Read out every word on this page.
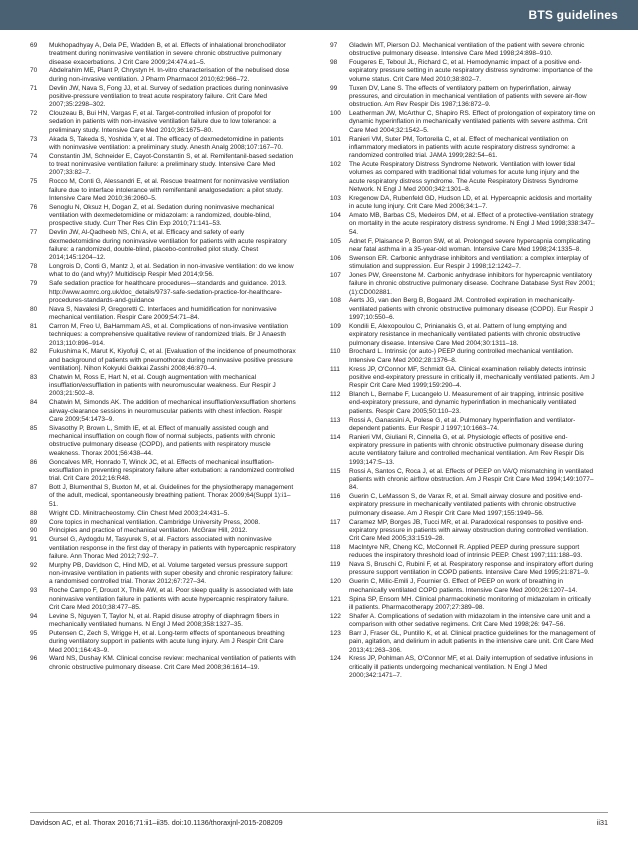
BTS guidelines
69	Mukhopadhyay A, Dela PE, Wadden B, et al. Effects of inhalational bronchodilator treatment during noninvasive ventilation in severe chronic obstructive pulmonary disease exacerbations. J Crit Care 2009;24:474.e1–5.
70	Abdelrahim ME, Plant P, Chrystyn H. In-vitro characterisation of the nebulised dose during non-invasive ventilation. J Pharm Pharmacol 2010;62:966–72.
71	Devlin JW, Nava S, Fong JJ, et al. Survey of sedation practices during noninvasive positive-pressure ventilation to treat acute respiratory failure. Crit Care Med 2007;35:2298–302.
72	Clouzeau B, Bui HN, Vargas F, et al. Target-controlled infusion of propofol for sedation in patients with non-invasive ventilation failure due to low tolerance: a preliminary study. Intensive Care Med 2010;36:1675–80.
73	Akada S, Takeda S, Yoshida Y, et al. The efficacy of dexmedetomidine in patients with noninvasive ventilation: a preliminary study. Anesth Analg 2008;107:167–70.
74	Constantin JM, Schneider E, Cayot-Constantin S, et al. Remifentanil-based sedation to treat noninvasive ventilation failure: a preliminary study. Intensive Care Med 2007;33:82–7.
75	Rocco M, Conti G, Alessandri E, et al. Rescue treatment for noninvasive ventilation failure due to interface intolerance with remifentanil analgosedation: a pilot study. Intensive Care Med 2010;36:2060–5.
76	Senoglu N, Oksuz H, Dogan Z, et al. Sedation during noninvasive mechanical ventilation with dexmedetomidine or midazolam: a randomized, double-blind, prospective study. Curr Ther Res Clin Exp 2010;71:141–53.
77	Devlin JW, Al-Qadheeb NS, Chi A, et al. Efficacy and safety of early dexmedetomidine during noninvasive ventilation for patients with acute respiratory failure: a randomized, double-blind, placebo-controlled pilot study. Chest 2014;145:1204–12.
78	Longrois D, Conti G, Mantz J, et al. Sedation in non-invasive ventilation: do we know what to do (and why)? Multidiscip Respir Med 2014;9:56.
79	Safe sedation practice for healthcare procedures—standards and guidance. 2013. http://www.aomrc.org.uk/doc_details/9737-safe-sedation-practice-for-healthcare-procedures-standards-and-guidance
80	Nava S, Navalesi P, Gregoretti C. Interfaces and humidification for noninvasive mechanical ventilation. Respir Care 2009;54:71–84.
81	Carron M, Freo U, BaHammam AS, et al. Complications of non-invasive ventilation techniques: a comprehensive qualitative review of randomized trials. Br J Anaesth 2013;110:896–914.
82	Fukushima K, Marut K, Kiyofuji C, et al. [Evaluation of the incidence of pneumothorax and background of patients with pneumothorax during noninvasive positive pressure ventilation]. Nihon Kokyuki Gakkai Zasshi 2008;46:870–4.
83	Chatwin M, Ross E, Hart N, et al. Cough augmentation with mechanical insufflation/exsufflation in patients with neuromuscular weakness. Eur Respir J 2003;21:502–8.
84	Chatwin M, Simonds AK. The addition of mechanical insufflation/exsufflation shortens airway-clearance sessions in neuromuscular patients with chest infection. Respir Care 2009;54:1473–9.
85	Sivasothy P, Brown L, Smith IE, et al. Effect of manually assisted cough and mechanical insufflation on cough flow of normal subjects, patients with chronic obstructive pulmonary disease (COPD), and patients with respiratory muscle weakness. Thorax 2001;56:438–44.
86	Goncalves MR, Honrado T, Winck JC, et al. Effects of mechanical insufflation-exsufflation in preventing respiratory failure after extubation: a randomized controlled trial. Crit Care 2012;16:R48.
87	Bott J, Blumenthal S, Buxton M, et al. Guidelines for the physiotherapy management of the adult, medical, spontaneously breathing patient. Thorax 2009;64(Suppl 1):i1–51.
88	Wright CD. Minitracheostomy. Clin Chest Med 2003;24:431–5.
89	Core topics in mechanical ventilation. Cambridge University Press, 2008.
90	Principles and practice of mechanical ventilation. McGraw Hill, 2012.
91	Gursel G, Aydogdu M, Tasyurek S, et al. Factors associated with noninvasive ventilation response in the first day of therapy in patients with hypercapnic respiratory failure. Ann Thorac Med 2012;7:92–7.
92	Murphy PB, Davidson C, Hind MD, et al. Volume targeted versus pressure support non-invasive ventilation in patients with super obesity and chronic respiratory failure: a randomised controlled trial. Thorax 2012;67:727–34.
93	Roche Campo F, Drouot X, Thille AW, et al. Poor sleep quality is associated with late noninvasive ventilation failure in patients with acute hypercapnic respiratory failure. Crit Care Med 2010;38:477–85.
94	Levine S, Nguyen T, Taylor N, et al. Rapid disuse atrophy of diaphragm fibers in mechanically ventilated humans. N Engl J Med 2008;358:1327–35.
95	Putensen C, Zech S, Wrigge H, et al. Long-term effects of spontaneous breathing during ventilatory support in patients with acute lung injury. Am J Respir Crit Care Med 2001;164:43–9.
96	Ward NS, Dushay KM. Clinical concise review: mechanical ventilation of patients with chronic obstructive pulmonary disease. Crit Care Med 2008;36:1614–19.
97	Gladwin MT, Pierson DJ. Mechanical ventilation of the patient with severe chronic obstructive pulmonary disease. Intensive Care Med 1998;24:898–910.
98	Fougeres E, Teboul JL, Richard C, et al. Hemodynamic impact of a positive end-expiratory pressure setting in acute respiratory distress syndrome: importance of the volume status. Crit Care Med 2010;38:802–7.
99	Tuxen DV, Lane S. The effects of ventilatory pattern on hyperinflation, airway pressures, and circulation in mechanical ventilation of patients with severe air-flow obstruction. Am Rev Respir Dis 1987;136:872–9.
100	Leatherman JW, McArthur C, Shapiro RS. Effect of prolongation of expiratory time on dynamic hyperinflation in mechanically ventilated patients with severe asthma. Crit Care Med 2004;32:1542–5.
101	Ranieri VM, Suter PM, Tortorella C, et al. Effect of mechanical ventilation on inflammatory mediators in patients with acute respiratory distress syndrome: a randomized controlled trial. JAMA 1999;282:54–61.
102	The Acute Respiratory Distress Syndrome Network. Ventilation with lower tidal volumes as compared with traditional tidal volumes for acute lung injury and the acute respiratory distress syndrome. The Acute Respiratory Distress Syndrome Network. N Engl J Med 2000;342:1301–8.
103	Kregenow DA, Rubenfeld GD, Hudson LD, et al. Hypercapnic acidosis and mortality in acute lung injury. Crit Care Med 2006;34:1–7.
104	Amato MB, Barbas CS, Medeiros DM, et al. Effect of a protective-ventilation strategy on mortality in the acute respiratory distress syndrome. N Engl J Med 1998;338:347–54.
105	Adnet F, Plaisance P, Borron SW, et al. Prolonged severe hypercapnia complicating near fatal asthma in a 35-year-old woman. Intensive Care Med 1998;24:1335–8.
106	Swenson ER. Carbonic anhydrase inhibitors and ventilation: a complex interplay of stimulation and suppression. Eur Respir J 1998;12:1242–7.
107	Jones PW, Greenstone M. Carbonic anhydrase inhibitors for hypercapnic ventilatory failure in chronic obstructive pulmonary disease. Cochrane Database Syst Rev 2001;(1):CD002881.
108	Aerts JG, van den Berg B, Bogaard JM. Controlled expiration in mechanically-ventilated patients with chronic obstructive pulmonary disease (COPD). Eur Respir J 1997;10:550–6.
109	Kondili E, Alexopoulou C, Prinianakis G, et al. Pattern of lung emptying and expiratory resistance in mechanically ventilated patients with chronic obstructive pulmonary disease. Intensive Care Med 2004;30:1311–18.
110	Brochard L. Intrinsic (or auto-) PEEP during controlled mechanical ventilation. Intensive Care Med 2002;28:1376–8.
111	Kress JP, O'Connor MF, Schmidt GA. Clinical examination reliably detects intrinsic positive end-expiratory pressure in critically ill, mechanically ventilated patients. Am J Respir Crit Care Med 1999;159:290–4.
112	Blanch L, Bernabe F, Lucangelo U. Measurement of air trapping, intrinsic positive end-expiratory pressure, and dynamic hyperinflation in mechanically ventilated patients. Respir Care 2005;50:110–23.
113	Rossi A, Ganassini A, Polese G, et al. Pulmonary hyperinflation and ventilator-dependent patients. Eur Respir J 1997;10:1663–74.
114	Ranieri VM, Giuliani R, Cinnella G, et al. Physiologic effects of positive end-expiratory pressure in patients with chronic obstructive pulmonary disease during acute ventilatory failure and controlled mechanical ventilation. Am Rev Respir Dis 1993;147:5–13.
115	Rossi A, Santos C, Roca J, et al. Effects of PEEP on VA/Q mismatching in ventilated patients with chronic airflow obstruction. Am J Respir Crit Care Med 1994;149:1077–84.
116	Guerin C, LeMasson S, de Varax R, et al. Small airway closure and positive end-expiratory pressure in mechanically ventilated patients with chronic obstructive pulmonary disease. Am J Respir Crit Care Med 1997;155:1949–56.
117	Caramez MP, Borges JB, Tucci MR, et al. Paradoxical responses to positive end-expiratory pressure in patients with airway obstruction during controlled ventilation. Crit Care Med 2005;33:1519–28.
118	MacIntyre NR, Cheng KC, McConnell R. Applied PEEP during pressure support reduces the inspiratory threshold load of intrinsic PEEP. Chest 1997;111:188–93.
119	Nava S, Bruschi C, Rubini F, et al. Respiratory response and inspiratory effort during pressure support ventilation in COPD patients. Intensive Care Med 1995;21:871–9.
120	Guerin C, Milic-Emili J, Fournier G. Effect of PEEP on work of breathing in mechanically ventilated COPD patients. Intensive Care Med 2000;26:1207–14.
121	Spina SP, Ensom MH. Clinical pharmacokinetic monitoring of midazolam in critically ill patients. Pharmacotherapy 2007;27:389–98.
122	Shafer A. Complications of sedation with midazolam in the intensive care unit and a comparison with other sedative regimens. Crit Care Med 1998;26: 947–56.
123	Barr J, Fraser GL, Puntillo K, et al. Clinical practice guidelines for the management of pain, agitation, and delirium in adult patients in the intensive care unit. Crit Care Med 2013;41:263–306.
124	Kress JP, Pohlman AS, O'Connor MF, et al. Daily interruption of sedative infusions in critically ill patients undergoing mechanical ventilation. N Engl J Med 2000;342:1471–7.
Davidson AC, et al. Thorax 2016;71:ii1–ii35. doi:10.1136/thoraxjnl-2015-208209	ii31
